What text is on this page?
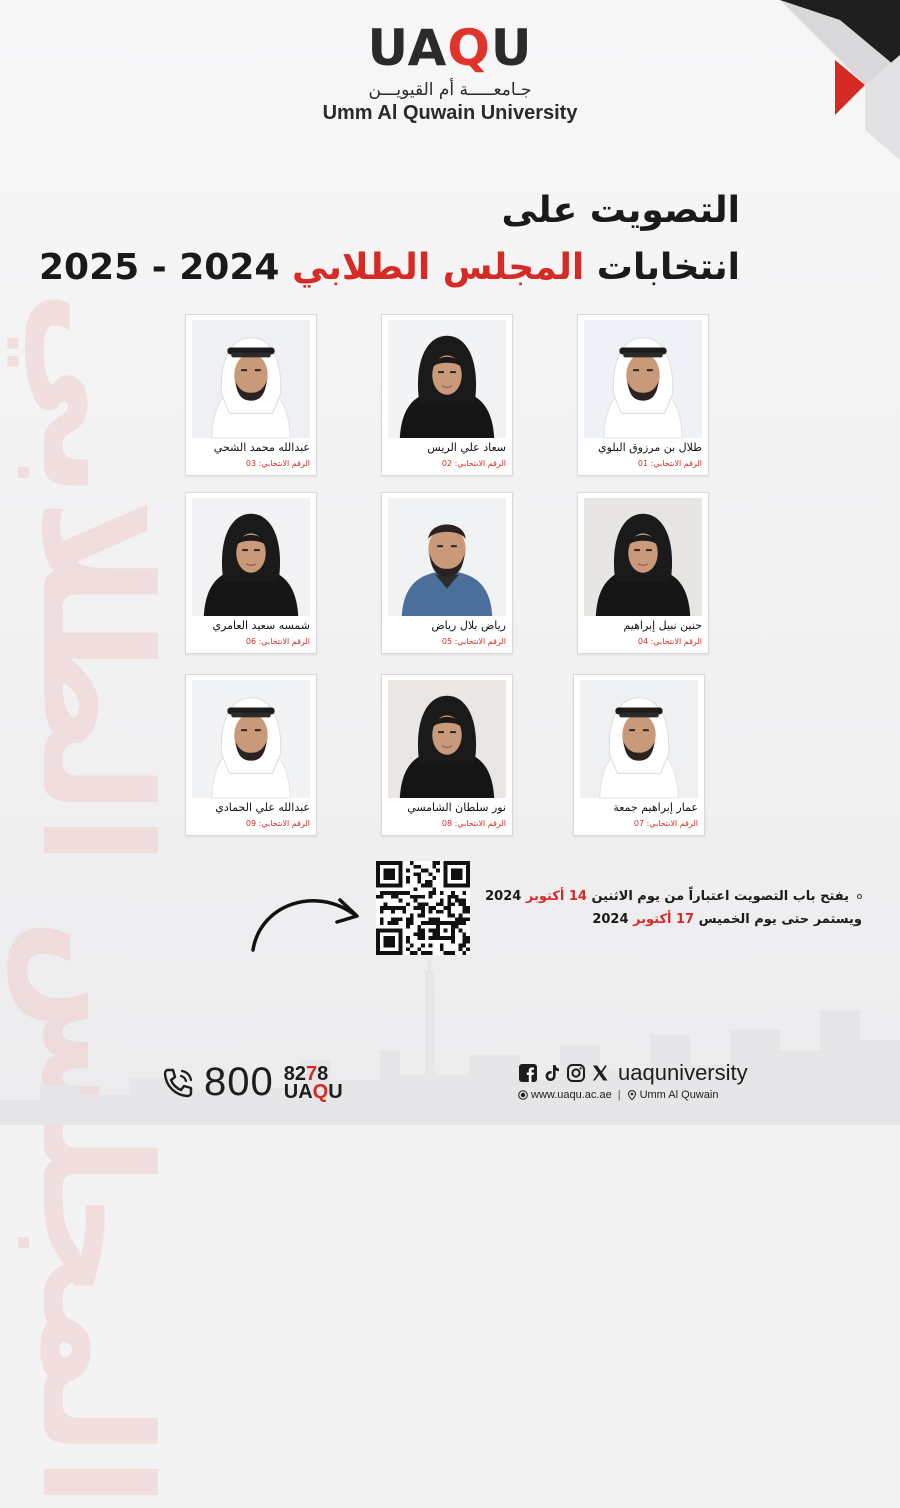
المجلس الطلابي
UAQU
جـامعـــــة أم القيويـــن
Umm Al Quwain University
التصويت على
انتخابات المجلس الطلابي 2024 - 2025
طلال بن مرزوق البلوي
الرقم الانتخابي: 01
سعاد علي الريس
الرقم الانتخابي: 02
عبدالله محمد الشحي
الرقم الانتخابي: 03
حنين نبيل إبراهيم
الرقم الانتخابي: 04
رياض بلال رياض
الرقم الانتخابي: 05
شمسه سعيد العامري
الرقم الانتخابي: 06
عمار إبراهيم جمعة
الرقم الانتخابي: 07
نور سلطان الشامسي
الرقم الانتخابي: 08
عبدالله علي الحمادي
الرقم الانتخابي: 09
يفتح باب التصويت اعتباراً من يوم الاثنين 14 أكتوبر 2024
ويستمر حتى يوم الخميس 17 أكتوبر 2024
800 8278
UAQU
uaquniversity
www.uaqu.ac.ae | Umm Al Quwain
